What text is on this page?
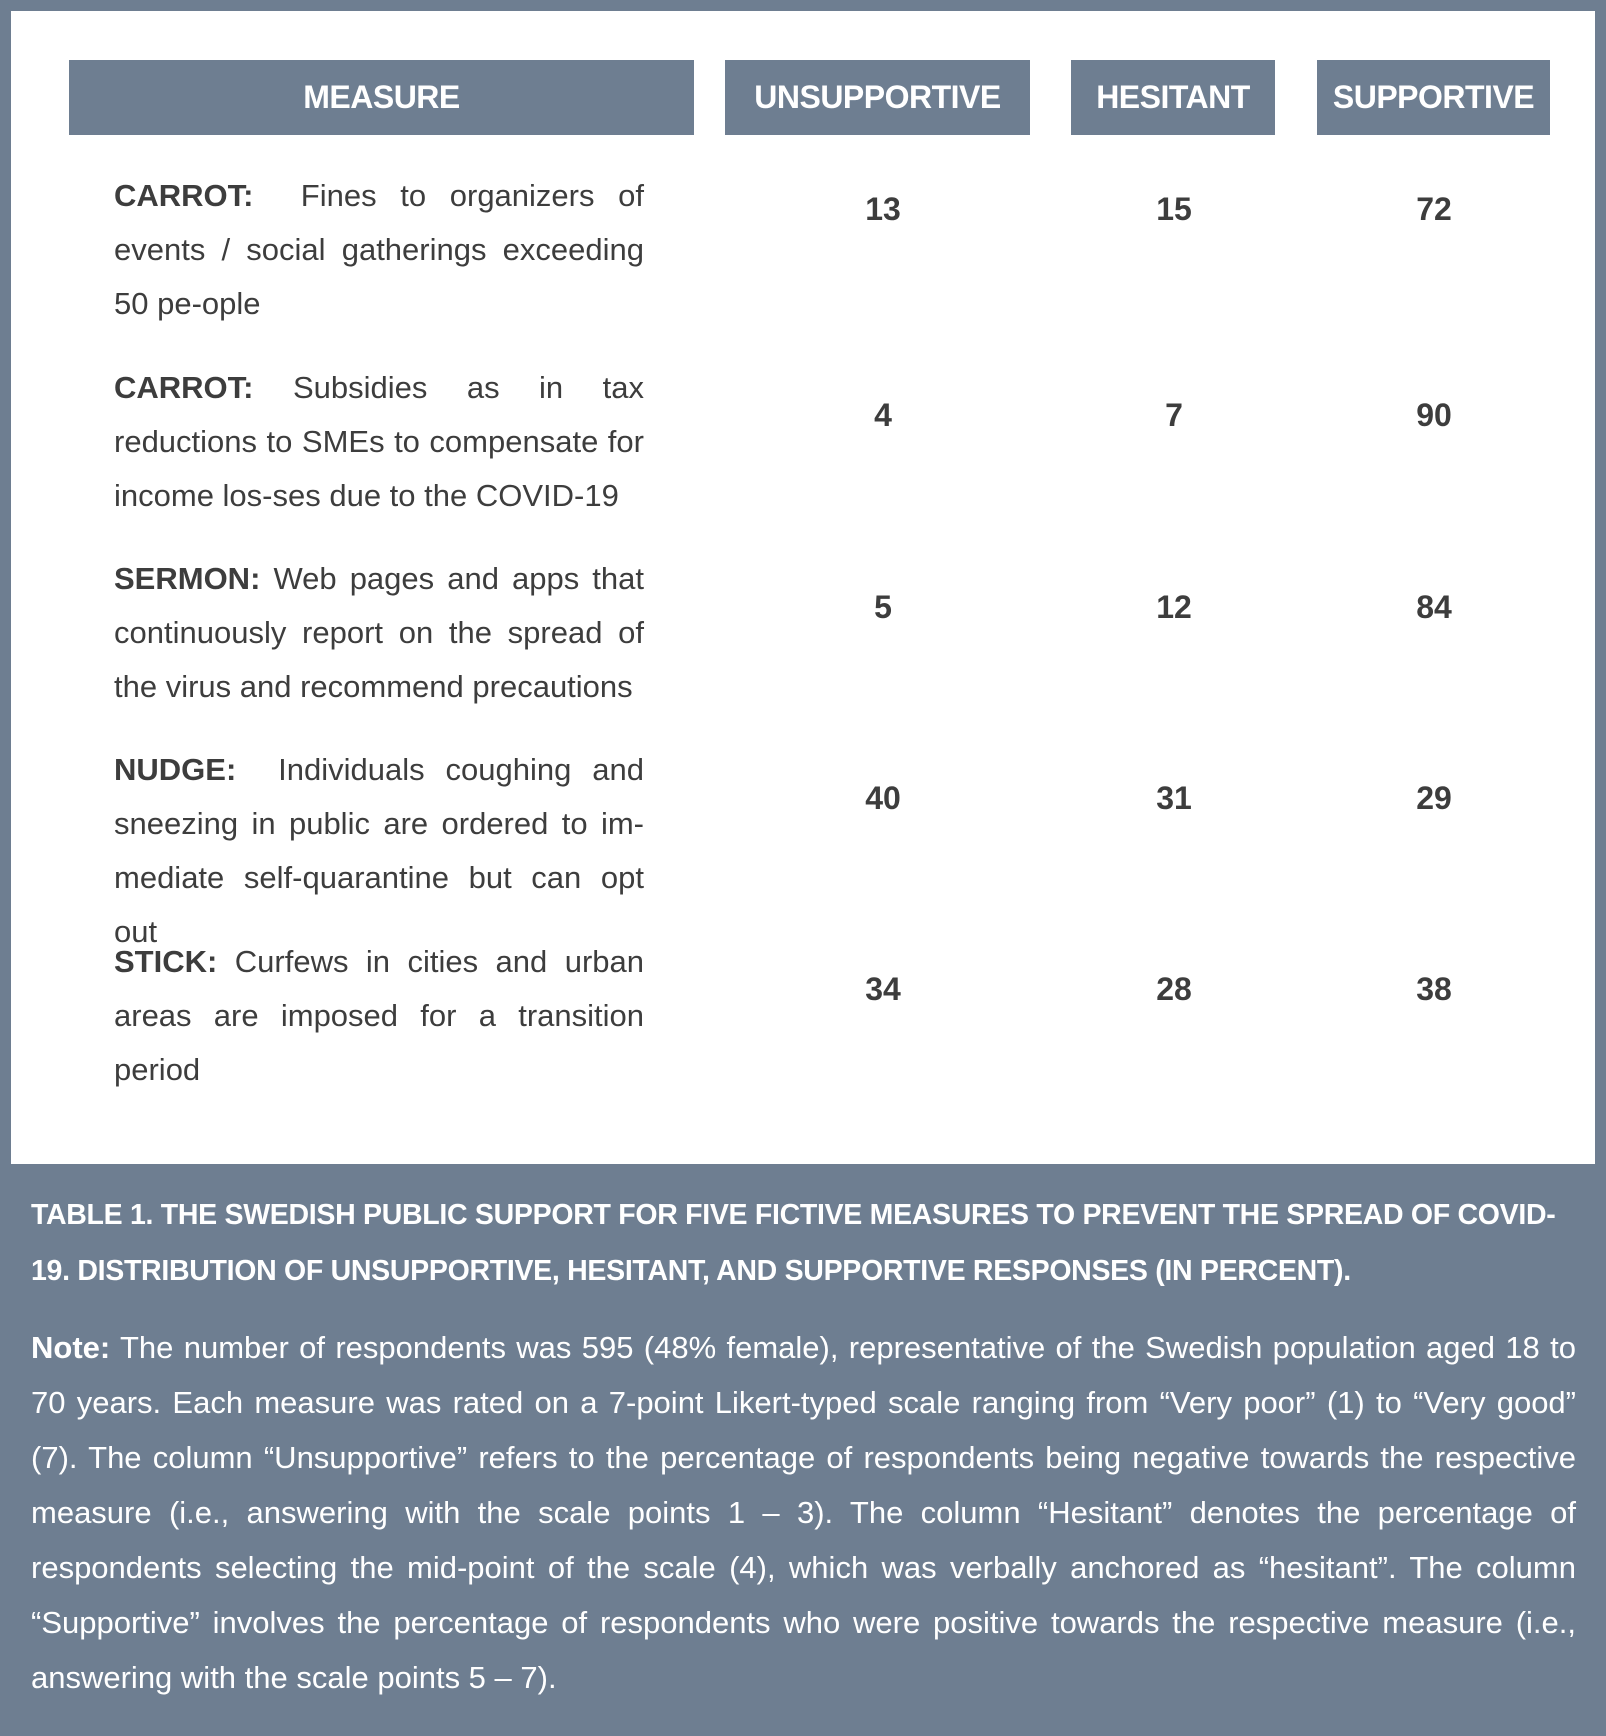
MEASURE	UNSUPPORTIVE	HESITANT	SUPPORTIVE
CARROT: Fines to organizers of events / social gatherings exceeding 50 pe-ople
13	15	72
CARROT: Subsidies as in tax reductions to SMEs to compensate for income los-ses due to the COVID-19
4	7	90
SERMON: Web pages and apps that continuously report on the spread of the virus and recommend precautions
5	12	84
NUDGE: Individuals coughing and sneezing in public are ordered to im-mediate self-quarantine but can opt out
40	31	29
STICK: Curfews in cities and urban areas are imposed for a transition period
34	28	38
TABLE 1. THE SWEDISH PUBLIC SUPPORT FOR FIVE FICTIVE MEASURES TO PREVENT THE SPREAD OF COVID-19. DISTRIBUTION OF UNSUPPORTIVE, HESITANT, AND SUPPORTIVE RESPONSES (IN PERCENT).
Note: The number of respondents was 595 (48% female), representative of the Swedish population aged 18 to 70 years. Each measure was rated on a 7-point Likert-typed scale ranging from “Very poor” (1) to “Very good” (7). The column “Unsupportive” refers to the percentage of respondents being negative towards the respective measure (i.e., answering with the scale points 1 – 3). The column “Hesitant” denotes the percentage of respondents selecting the mid-point of the scale (4), which was verbally anchored as “hesitant”. The column “Supportive” involves the percentage of respondents who were positive towards the respective measure (i.e., answering with the scale points 5 – 7).
